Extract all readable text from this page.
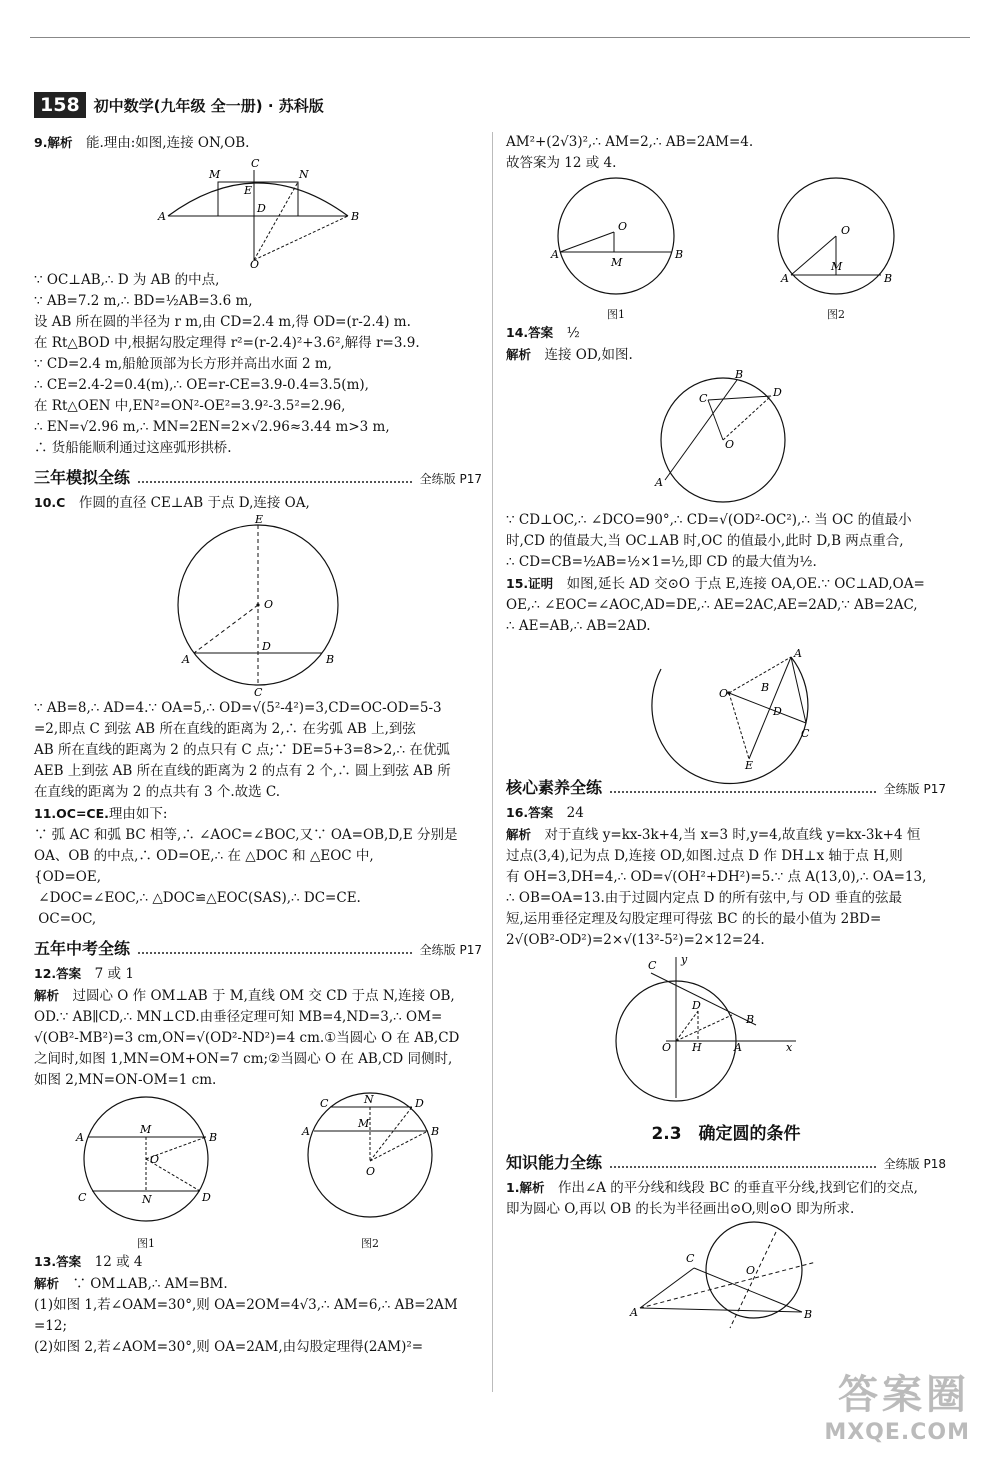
158 初中数学(九年级 全一册) · 苏科版

9.解析　 能.理由:如图,连接 ON,OB.

A	B
M
C
N
E
D
O

∵ OC⊥AB,∴ D 为 AB 的中点,

∵ AB=7.2 m,∴ BD=½AB=3.6 m,

设 AB 所在圆的半径为 r m,由 CD=2.4 m,得 OD=(r-2.4) m.

在 Rt△BOD 中,根据勾股定理得 r²=(r-2.4)²+3.6²,解得 r=3.9.

∵ CD=2.4 m,船舱顶部为长方形并高出水面 2 m,

∴ CE=2.4-2=0.4(m),∴ OE=r-CE=3.9-0.4=3.5(m),

在 Rt△OEN 中,EN²=ON²-OE²=3.9²-3.5²=2.96,

∴ EN=√2.96 m,∴ MN=2EN=2×√2.96≈3.44 m>3 m,

∴ 货船能顺利通过这座弧形拱桥.

三年模拟全练	全练版 P17

10.C　 作圆的直径 CE⊥AB 于点 D,连接 OA,

E
O
A	B
D
C

∵ AB=8,∴ AD=4.∵ OA=5,∴ OD=√(5²-4²)=3,CD=OC-OD=5-3

=2,即点 C 到弦 AB 所在直线的距离为 2,∴ 在劣弧 AB 上,到弦

AB 所在直线的距离为 2 的点只有 C 点;∵ DE=5+3=8>2,∴ 在优弧

AEB 上到弦 AB 所在直线的距离为 2 的点有 2 个,∴ 圆上到弦 AB 所

在直线的距离为 2 的点共有 3 个.故选 C.

11.OC=CE.理由如下:

∵ 弧 AC 和弧 BC 相等,∴ ∠AOC=∠BOC,又∵ OA=OB,D,E 分别是

OA、OB 的中点,∴ OD=OE,∴ 在 △DOC 和 △EOC 中,

{OD=OE,

∠DOC=∠EOC,∴ △DOC≌△EOC(SAS),∴ DC=CE.

OC=OC,

五年中考全练	全练版 P17

12.答案　 7 或 1

解析　 过圆心 O 作 OM⊥AB 于 M,直线 OM 交 CD 于点 N,连接 OB,

OD.∵ AB∥CD,∴ MN⊥CD.由垂径定理可知 MB=4,ND=3,∴ OM=

√(OB²-MB²)=3 cm,ON=√(OD²-ND²)=4 cm.①当圆心 O 在 AB,CD

之间时,如图 1,MN=OM+ON=7 cm;②当圆心 O 在 AB,CD 同侧时,

如图 2,MN=ON-OM=1 cm.

A	B
M
O
C	D
N
图1
N	D
C
M
A	B
O
图2

13.答案　 12 或 4

解析　 ∵ OM⊥AB,∴ AM=BM.

(1)如图 1,若∠OAM=30°,则 OA=2OM=4√3,∴ AM=6,∴ AB=2AM

=12;

(2)如图 2,若∠AOM=30°,则 OA=2AM,由勾股定理得(2AM)²=

AM²+(2√3)²,∴ AM=2,∴ AB=2AM=4.

故答案为 12 或 4.

O
A	B
M
图1
O
A	B
M
图2

14.答案　 ½

解析　 连接 OD,如图.

B
D
C
O
A

∵ CD⊥OC,∴ ∠DCO=90°,∴ CD=√(OD²-OC²),∴ 当 OC 的值最小

时,CD 的值最大,当 OC⊥AB 时,OC 的值最小,此时 D,B 两点重合,

∴ CD=CB=½AB=½×1=½,即 CD 的最大值为½.

15.证明　 如图,延长 AD 交⊙O 于点 E,连接 OA,OE.∵ OC⊥AD,OA=

OE,∴ ∠EOC=∠AOC,AD=DE,∴ AE=2AC,AE=2AD,∵ AB=2AC,

∴ AE=AB,∴ AB=2AD.

A
O
D
C
E
B
核心素养全练	全练版 P17

16.答案　 24

解析　 对于直线 y=kx-3k+4,当 x=3 时,y=4,故直线 y=kx-3k+4 恒

过点(3,4),记为点 D,连接 OD,如图.过点 D 作 DH⊥x 轴于点 H,则

有 OH=3,DH=4,∴ OD=√(OH²+DH²)=5.∵ 点 A(13,0),∴ OA=13,

∴ OB=OA=13.由于过圆内定点 D 的所有弦中,与 OD 垂直的弦最

短,运用垂径定理及勾股定理可得弦 BC 的长的最小值为 2BD=

2√(OB²-OD²)=2×√(13²-5²)=2×12=24.

C y
D
B
O H	A	x
2.3　确定圆的条件
知识能力全练	全练版 P18

1.解析　 作出∠A 的平分线和线段 BC 的垂直平分线,找到它们的交点,

即为圆心 O,再以 OB 的长为半径画出⊙O,则⊙O 即为所求.

A
C
O
B
答案圈
MXQE.COM
